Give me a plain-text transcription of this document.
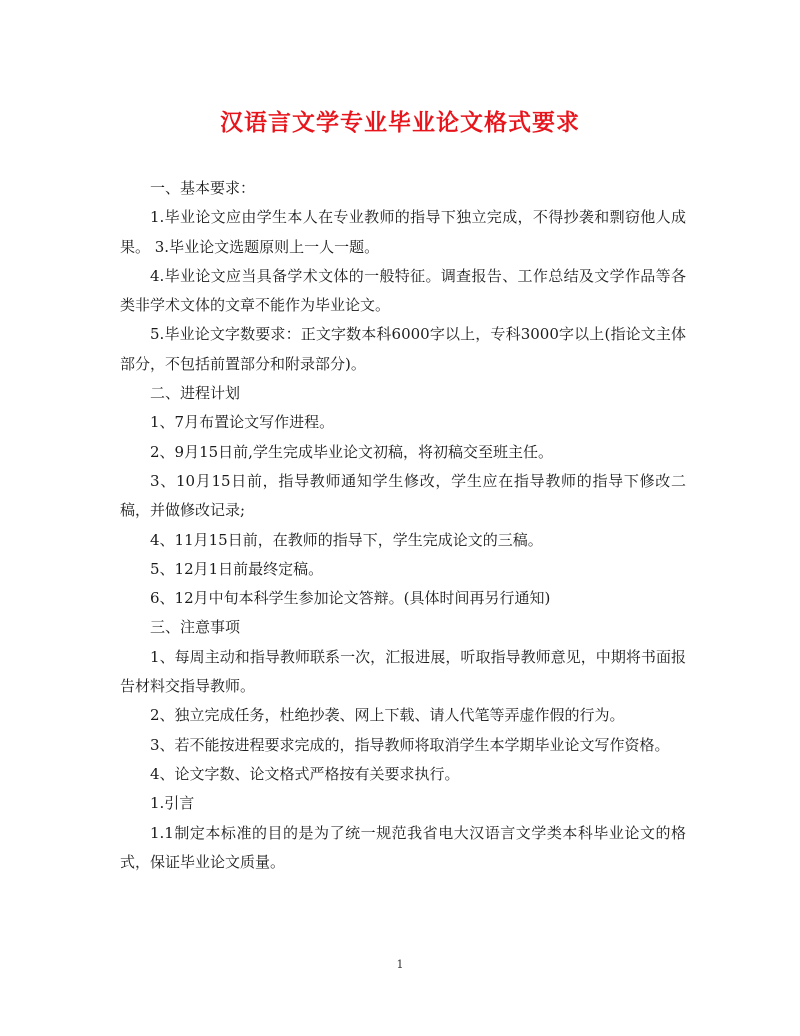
汉语言文学专业毕业论文格式要求

一、基本要求：

1.毕业论文应由学生本人在专业教师的指导下独立完成，不得抄袭和剽窃他人成果。 3.毕业论文选题原则上一人一题。

4.毕业论文应当具备学术文体的一般特征。调查报告、工作总结及文学作品等各类非学术文体的文章不能作为毕业论文。

5.毕业论文字数要求：正文字数本科6000字以上，专科3000字以上(指论文主体部分，不包括前置部分和附录部分)。

二、进程计划

1、7月布置论文写作进程。

2、9月15日前,学生完成毕业论文初稿，将初稿交至班主任。

3、10月15日前，指导教师通知学生修改，学生应在指导教师的指导下修改二稿，并做修改记录;

4、11月15日前，在教师的指导下，学生完成论文的三稿。

5、12月1日前最终定稿。

6、12月中旬本科学生参加论文答辩。(具体时间再另行通知)

三、注意事项

1、每周主动和指导教师联系一次，汇报进展，听取指导教师意见，中期将书面报告材料交指导教师。

2、独立完成任务，杜绝抄袭、网上下载、请人代笔等弄虚作假的行为。

3、若不能按进程要求完成的，指导教师将取消学生本学期毕业论文写作资格。

4、论文字数、论文格式严格按有关要求执行。

1.引言

1.1制定本标准的目的是为了统一规范我省电大汉语言文学类本科毕业论文的格式，保证毕业论文质量。

1
